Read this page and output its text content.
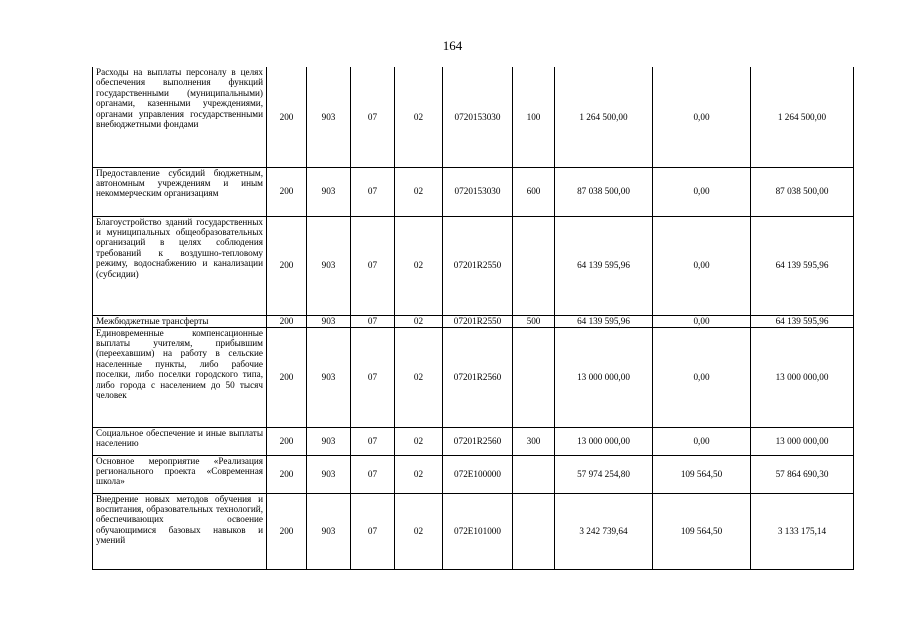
164
Расходы на выплаты персоналу в целях обеспечения выполнения функций государственными (муниципальными) органами, казенными учреждениями, органами управления государственными внебюджетными фондами	200	903	07	02	0720153030	100	1 264 500,00	0,00	1 264 500,00
Предоставление субсидий бюджетным, автономным учреждениям и иным некоммерческим организациям	200	903	07	02	0720153030	600	87 038 500,00	0,00	87 038 500,00
Благоустройство зданий государственных и муниципальных общеобразовательных организаций в целях соблюдения требований к воздушно-тепловому режиму, водоснабжению и канализации (субсидии)	200	903	07	02	07201R2550		64 139 595,96	0,00	64 139 595,96
Межбюджетные трансферты	200	903	07	02	07201R2550	500	64 139 595,96	0,00	64 139 595,96
Единовременные компенсационные выплаты учителям, прибывшим (переехавшим) на работу в сельские населенные пункты, либо рабочие поселки, либо поселки городского типа, либо города с населением до 50 тысяч человек	200	903	07	02	07201R2560		13 000 000,00	0,00	13 000 000,00
Социальное обеспечение и иные выплаты населению	200	903	07	02	07201R2560	300	13 000 000,00	0,00	13 000 000,00
Основное мероприятие «Реализация регионального проекта «Современная школа»	200	903	07	02	072E100000		57 974 254,80	109 564,50	57 864 690,30
Внедрение новых методов обучения и воспитания, образовательных технологий, обеспечивающих освоение обучающимися базовых навыков и умений	200	903	07	02	072E101000		3 242 739,64	109 564,50	3 133 175,14
